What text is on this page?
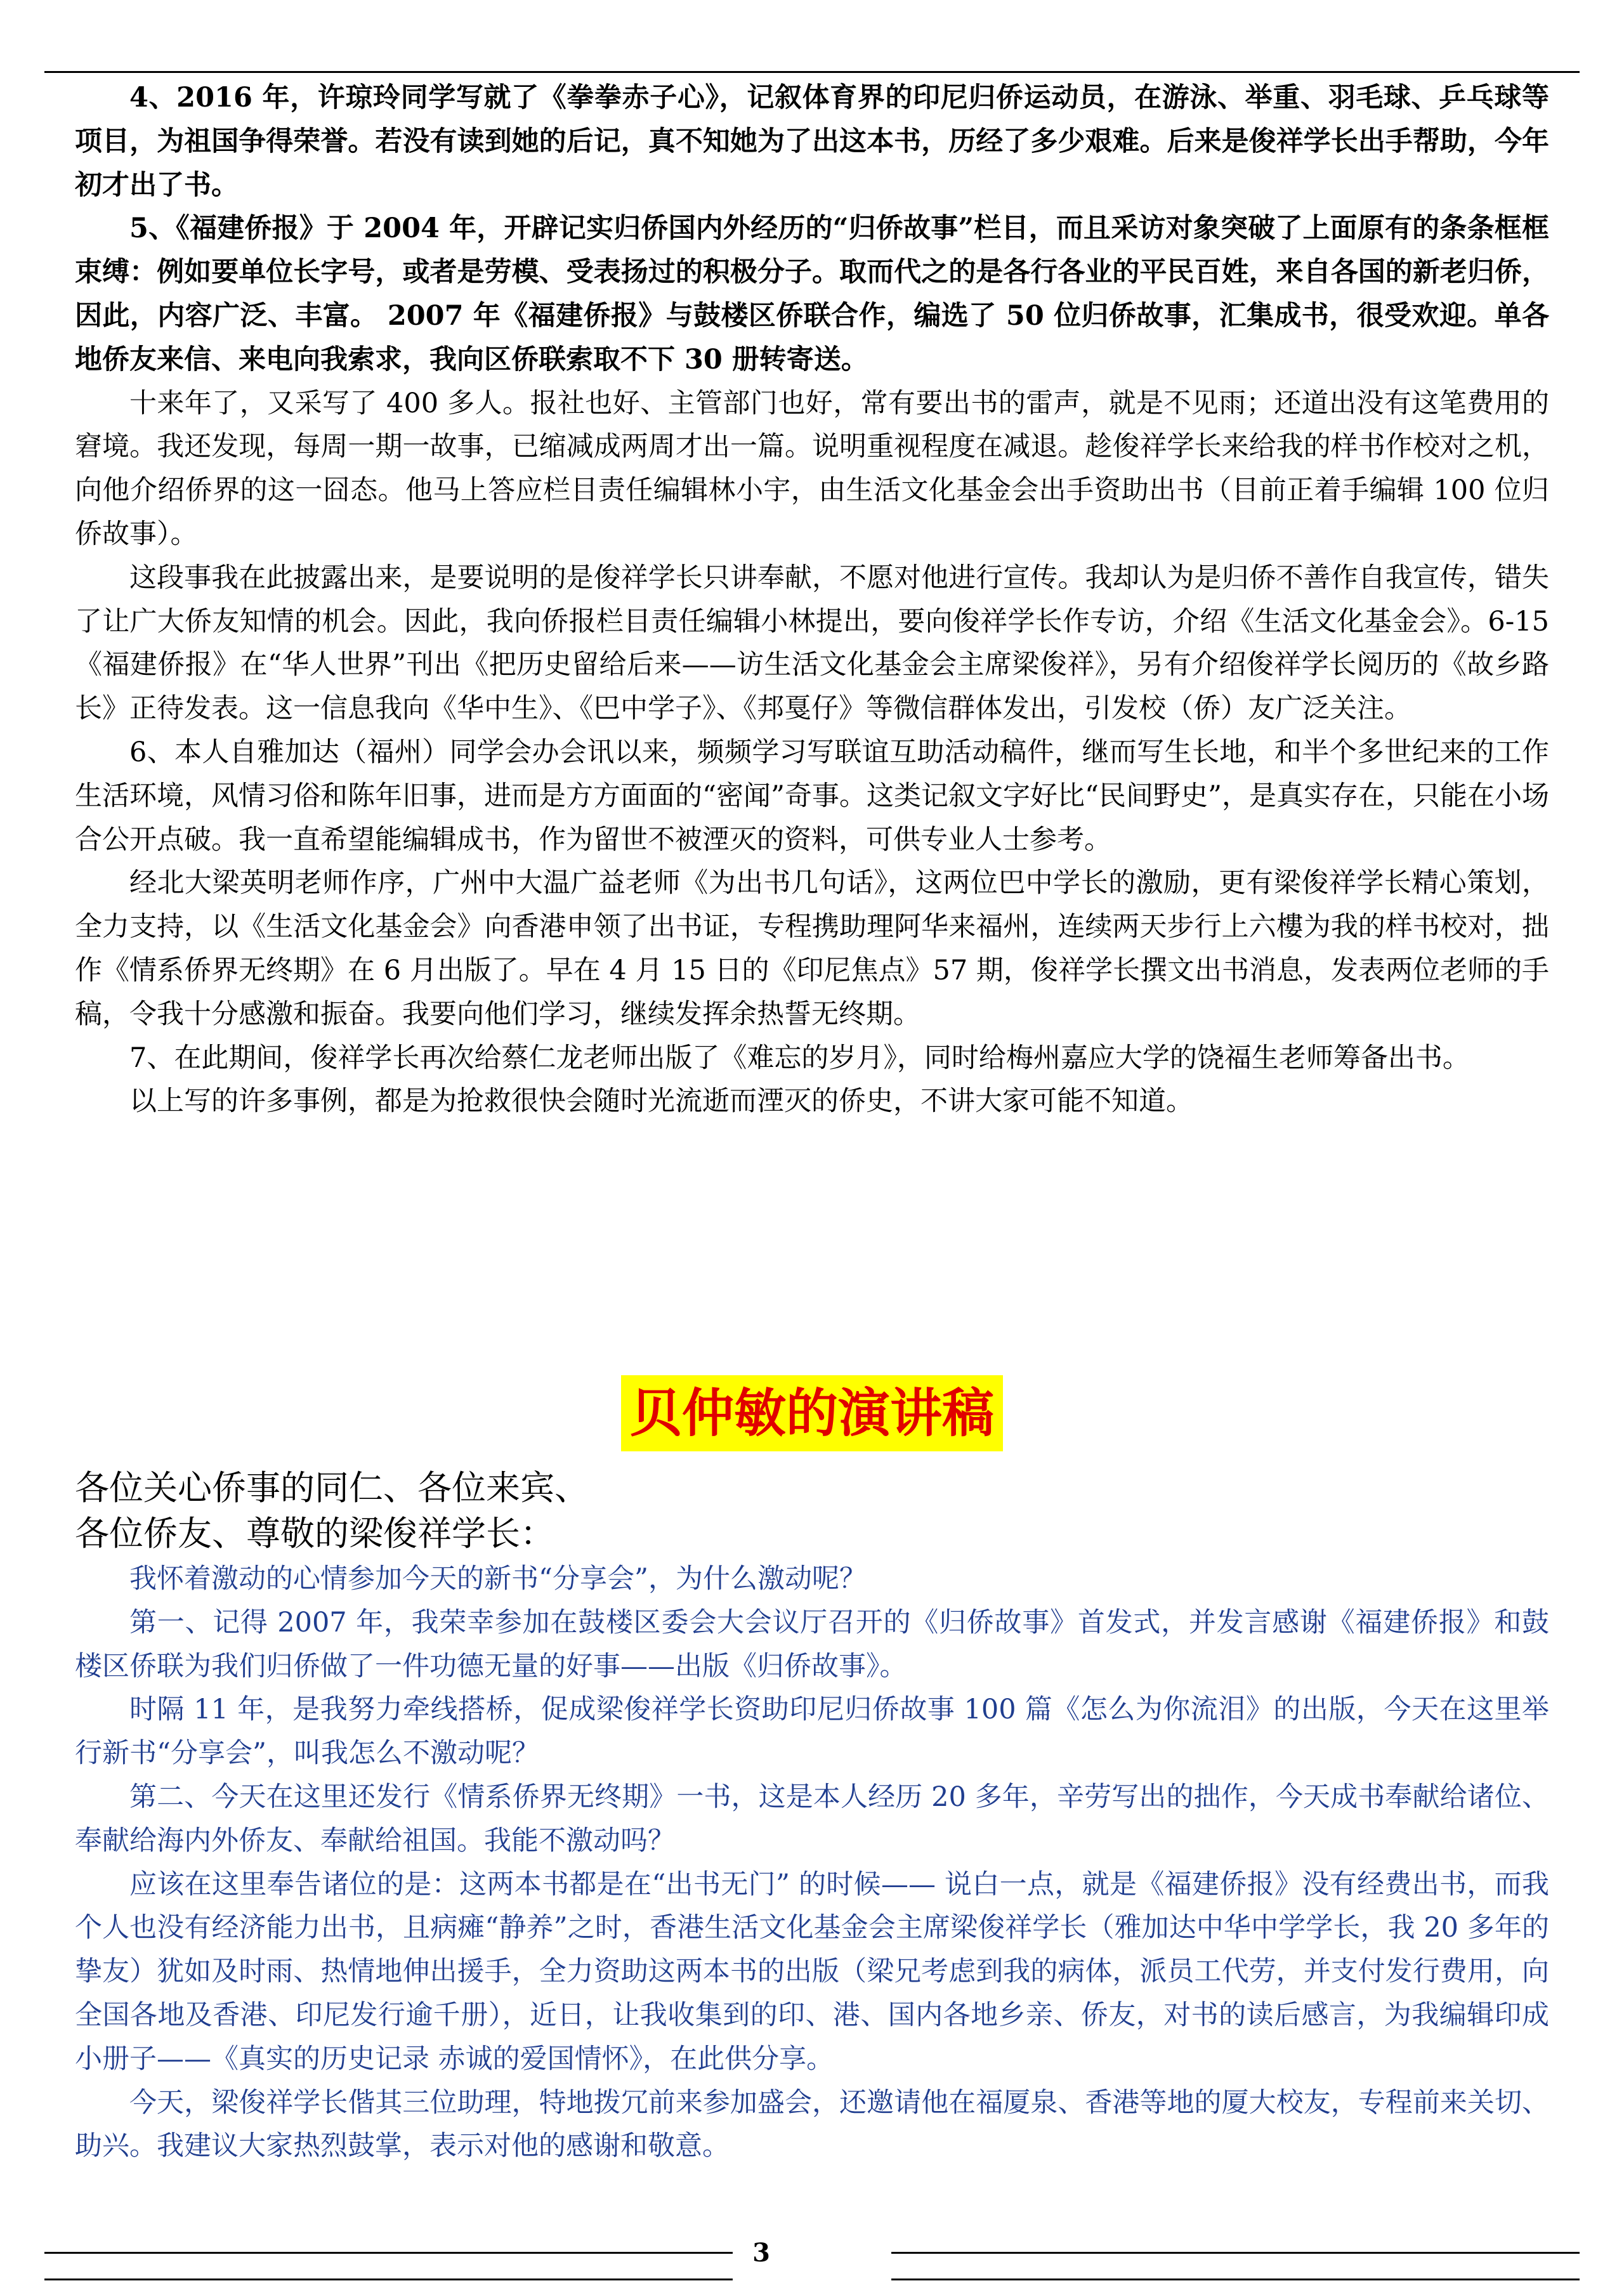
4、2016 年，许琼玲同学写就了《拳拳赤子心》，记叙体育界的印尼归侨运动员，在游泳、举重、羽毛球、乒乓球等项目，为祖国争得荣誉。若没有读到她的后记，真不知她为了出这本书，历经了多少艰难。后来是俊祥学长出手帮助，今年初才出了书。

5、《福建侨报》于 2004 年，开辟记实归侨国内外经历的“归侨故事”栏目，而且采访对象突破了上面原有的条条框框束缚：例如要单位长字号，或者是劳模、受表扬过的积极分子。取而代之的是各行各业的平民百姓，来自各国的新老归侨，因此，内容广泛、丰富。 2007 年《福建侨报》与鼓楼区侨联合作，编选了 50 位归侨故事，汇集成书，很受欢迎。单各地侨友来信、来电向我索求，我向区侨联索取不下 30 册转寄送。

十来年了，又采写了 400 多人。报社也好、主管部门也好，常有要出书的雷声，就是不见雨；还道出没有这笔费用的窘境。我还发现，每周一期一故事，已缩减成两周才出一篇。说明重视程度在减退。趁俊祥学长来给我的样书作校对之机，向他介绍侨界的这一囧态。他马上答应栏目责任编辑林小宇，由生活文化基金会出手资助出书（目前正着手编辑 100 位归侨故事）。

这段事我在此披露出来，是要说明的是俊祥学长只讲奉献，不愿对他进行宣传。我却认为是归侨不善作自我宣传，错失了让广大侨友知情的机会。因此，我向侨报栏目责任编辑小林提出，要向俊祥学长作专访，介绍《生活文化基金会》。6-15《福建侨报》在“华人世界”刊出《把历史留给后来——访生活文化基金会主席梁俊祥》，另有介绍俊祥学长阅历的《故乡路长》正待发表。这一信息我向《华中生》、《巴中学子》、《邦戛仔》等微信群体发出，引发校（侨）友广泛关注。

6、本人自雅加达（福州）同学会办会讯以来，频频学习写联谊互助活动稿件，继而写生长地，和半个多世纪来的工作生活环境，风情习俗和陈年旧事，进而是方方面面的“密闻”奇事。这类记叙文字好比“民间野史”，是真实存在，只能在小场合公开点破。我一直希望能编辑成书，作为留世不被湮灭的资料，可供专业人士参考。

经北大梁英明老师作序，广州中大温广益老师《为出书几句话》，这两位巴中学长的激励，更有梁俊祥学长精心策划，全力支持，以《生活文化基金会》向香港申领了出书证，专程携助理阿华来福州，连续两天步行上六樓为我的样书校对，拙作《情系侨界无终期》在 6 月出版了。早在 4 月 15 日的《印尼焦点》57 期，俊祥学长撰文出书消息，发表两位老师的手稿，令我十分感激和振奋。我要向他们学习，继续发挥余热誓无终期。

7、在此期间，俊祥学长再次给蔡仁龙老师出版了《难忘的岁月》，同时给梅州嘉应大学的饶福生老师筹备出书。

以上写的许多事例，都是为抢救很快会随时光流逝而湮灭的侨史，不讲大家可能不知道。

贝仲敏的演讲稿
各位关心侨事的同仁、各位来宾、
各位侨友、尊敬的梁俊祥学长：

我怀着激动的心情参加今天的新书“分享会”，为什么激动呢？

第一、记得 2007 年，我荣幸参加在鼓楼区委会大会议厅召开的《归侨故事》首发式，并发言感谢《福建侨报》和鼓楼区侨联为我们归侨做了一件功德无量的好事——出版《归侨故事》。

时隔 11 年，是我努力牵线搭桥，促成梁俊祥学长资助印尼归侨故事 100 篇《怎么为你流泪》的出版，今天在这里举行新书“分享会”，叫我怎么不激动呢？

第二、今天在这里还发行《情系侨界无终期》一书，这是本人经历 20 多年，辛劳写出的拙作，今天成书奉献给诸位、奉献给海内外侨友、奉献给祖国。我能不激动吗？

应该在这里奉告诸位的是：这两本书都是在“出书无门” 的时候—— 说白一点，就是《福建侨报》没有经费出书，而我个人也没有经济能力出书，且病瘫“静养”之时，香港生活文化基金会主席梁俊祥学长（雅加达中华中学学长，我 20 多年的挚友）犹如及时雨、热情地伸出援手，全力资助这两本书的出版（梁兄考虑到我的病体，派员工代劳，并支付发行费用，向全国各地及香港、印尼发行逾千册），近日，让我收集到的印、港、国内各地乡亲、侨友，对书的读后感言，为我编辑印成小册子——《真实的历史记录 赤诚的爱国情怀》，在此供分享。

今天，梁俊祥学长偕其三位助理，特地拨冗前来参加盛会，还邀请他在福厦泉、香港等地的厦大校友，专程前来关切、助兴。我建议大家热烈鼓掌，表示对他的感谢和敬意。

3
